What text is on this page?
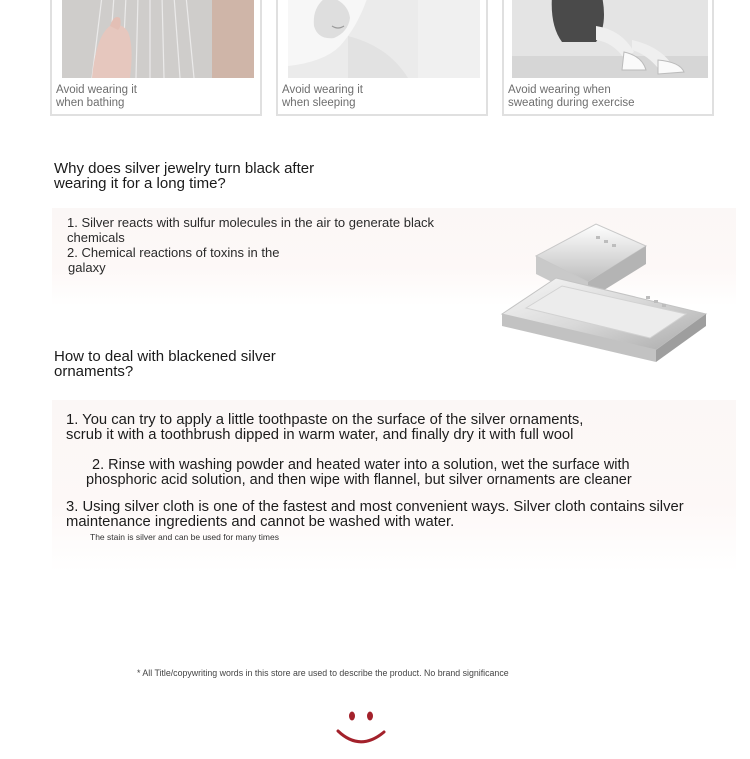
Avoid wearing it
when bathing
Avoid wearing it
when sleeping
Avoid wearing when
sweating during exercise
Why does silver jewelry turn black after
wearing it for a long time?
1. Silver reacts with sulfur molecules in the air to generate black
chemicals
2. Chemical reactions of toxins in the
galaxy
How to deal with blackened silver
ornaments?
1. You can try to apply a little toothpaste on the surface of the silver ornaments,
scrub it with a toothbrush dipped in warm water, and finally dry it with full wool
2. Rinse with washing powder and heated water into a solution, wet the surface with
phosphoric acid solution, and then wipe with flannel, but silver ornaments are cleaner
3. Using silver cloth is one of the fastest and most convenient ways. Silver cloth contains silver
maintenance ingredients and cannot be washed with water.
The stain is silver and can be used for many times
* All Title/copywriting words in this store are used to describe the product. No brand significance
